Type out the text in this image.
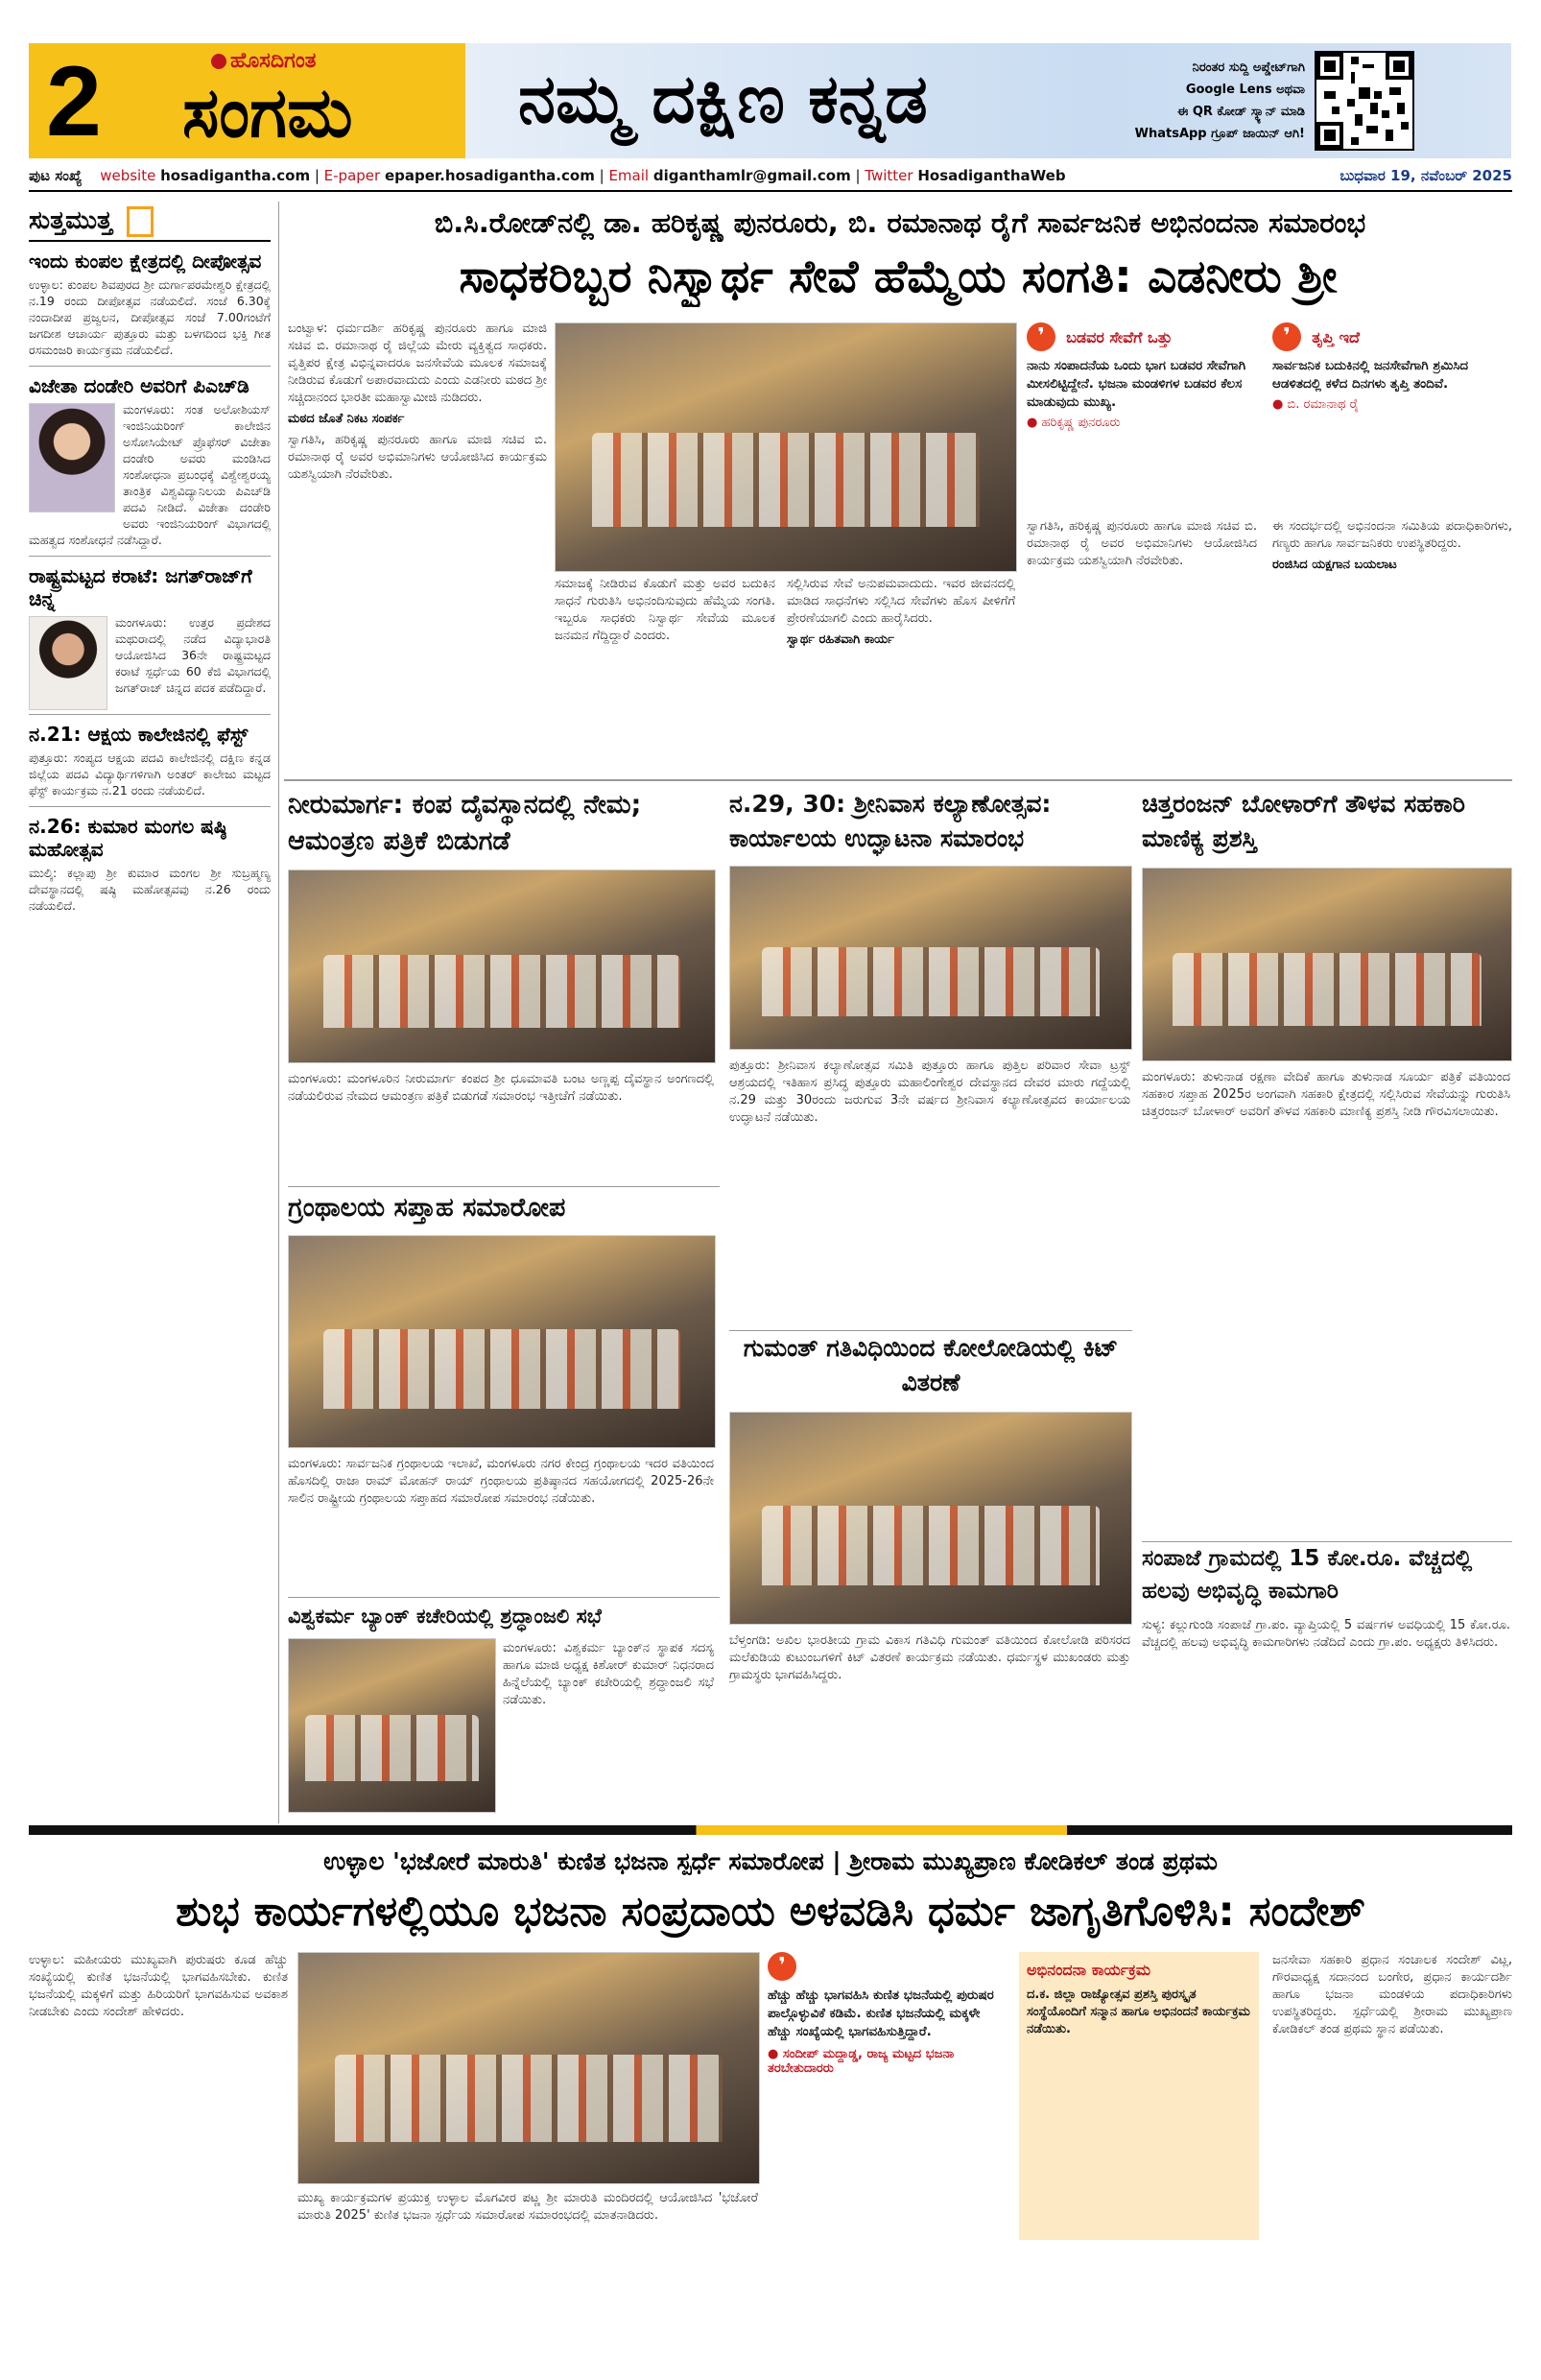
2	ಹೊಸದಿಗಂತ
ಸಂಗಮ ನಮ್ಮ ದಕ್ಷಿಣ ಕನ್ನಡ	ನಿರಂತರ ಸುದ್ದಿ ಅಪ್ಡೇಟ್‌ಗಾಗಿ
Google Lens ಅಥವಾ
ಈ QR ಕೋಡ್ ಸ್ಕ್ಯಾನ್ ಮಾಡಿ
WhatsApp ಗ್ರೂಪ್ ಜಾಯಿನ್ ಆಗಿ!
ಪುಟ ಸಂಖ್ಯೆ website hosadigantha.com | E-paper epaper.hosadigantha.com | Email diganthamlr@gmail.com | Twitter HosadiganthaWeb	ಬುಧವಾರ 19, ನವೆಂಬರ್ 2025
ಸುತ್ತಮುತ್ತ
ಇಂದು ಕುಂಪಲ ಕ್ಷೇತ್ರದಲ್ಲಿ ದೀಪೋತ್ಸವ
ಉಳ್ಳಾಲ: ಕುಂಪಲ ಶಿವಪುರದ ಶ್ರೀ ದುರ್ಗಾಪರಮೇಶ್ವರಿ ಕ್ಷೇತ್ರದಲ್ಲಿ ನ.19 ರಂದು ದೀಪೋತ್ಸವ ನಡೆಯಲಿದೆ. ಸಂಜೆ 6.30ಕ್ಕೆ ನಂದಾದೀಪ ಪ್ರಜ್ವಲನ, ದೀಪೋತ್ಸವ ಸಂಜೆ 7.00ಗಂಟೆಗೆ ಜಗದೀಶ ಆಚಾರ್ಯ ಪುತ್ತೂರು ಮತ್ತು ಬಳಗದಿಂದ ಭಕ್ತಿ ಗೀತ ರಸಮಂಜರಿ ಕಾರ್ಯಕ್ರಮ ನಡೆಯಲಿದೆ.
ವಿಜೇತಾ ದಂಡೇರಿ ಅವರಿಗೆ ಪಿಎಚ್‌ಡಿ
ಮಂಗಳೂರು: ಸಂತ ಅಲೋಶಿಯಸ್ ಇಂಜಿನಿಯರಿಂಗ್ ಕಾಲೇಜಿನ ಅಸೋಸಿಯೇಟ್ ಪ್ರೊಫೆಸರ್ ವಿಜೇತಾ ದಂಡೇರಿ ಅವರು ಮಂಡಿಸಿದ ಸಂಶೋಧನಾ ಪ್ರಬಂಧಕ್ಕೆ ವಿಶ್ವೇಶ್ವರಯ್ಯ ತಾಂತ್ರಿಕ ವಿಶ್ವವಿದ್ಯಾನಿಲಯ ಪಿಎಚ್‌ಡಿ ಪದವಿ ನೀಡಿದೆ. ವಿಜೇತಾ ದಂಡೇರಿ ಅವರು ಇಂಜಿನಿಯರಿಂಗ್ ವಿಭಾಗದಲ್ಲಿ ಮಹತ್ವದ ಸಂಶೋಧನೆ ನಡೆಸಿದ್ದಾರೆ.
ರಾಷ್ಟ್ರಮಟ್ಟದ ಕರಾಟೆ: ಜಗತ್‌ರಾಜ್‌ಗೆ ಚಿನ್ನ
ಮಂಗಳೂರು: ಉತ್ತರ ಪ್ರದೇಶದ ಮಥುರಾದಲ್ಲಿ ನಡೆದ ವಿದ್ಯಾಭಾರತಿ ಆಯೋಜಿಸಿದ 36ನೇ ರಾಷ್ಟ್ರಮಟ್ಟದ ಕರಾಟೆ ಸ್ಪರ್ಧೆಯ 60 ಕೆಜಿ ವಿಭಾಗದಲ್ಲಿ ಜಗತ್‌ರಾಜ್ ಚಿನ್ನದ ಪದಕ ಪಡೆದಿದ್ದಾರೆ.
ನ.21: ಆಕ್ಷಯ ಕಾಲೇಜಿನಲ್ಲಿ ಫೆಸ್ಟ್
ಪುತ್ತೂರು: ಸಂಪ್ಯದ ಆಕ್ಷಯ ಪದವಿ ಕಾಲೇಜಿನಲ್ಲಿ ದಕ್ಷಿಣ ಕನ್ನಡ ಜಿಲ್ಲೆಯ ಪದವಿ ವಿದ್ಯಾರ್ಥಿಗಳಿಗಾಗಿ ಅಂತರ್ ಕಾಲೇಜು ಮಟ್ಟದ ಫೆಸ್ಟ್ ಕಾರ್ಯಕ್ರಮ ನ.21 ರಂದು ನಡೆಯಲಿದೆ.
ನ.26: ಕುಮಾರ ಮಂಗಲ ಷಷ್ಠಿ ಮಹೋತ್ಸವ
ಮುಲ್ಕಿ: ಕಲ್ಲಾಪು ಶ್ರೀ ಕುಮಾರ ಮಂಗಲ ಶ್ರೀ ಸುಬ್ರಹ್ಮಣ್ಯ ದೇವಸ್ಥಾನದಲ್ಲಿ ಷಷ್ಠಿ ಮಹೋತ್ಸವವು ನ.26 ರಂದು ನಡೆಯಲಿದೆ.
ಬಿ.ಸಿ.ರೋಡ್‌ನಲ್ಲಿ ಡಾ. ಹರಿಕೃಷ್ಣ ಪುನರೂರು, ಬಿ. ರಮಾನಾಥ ರೈಗೆ ಸಾರ್ವಜನಿಕ ಅಭಿನಂದನಾ ಸಮಾರಂಭ
ಸಾಧಕರಿಬ್ಬರ ನಿಸ್ವಾರ್ಥ ಸೇವೆ ಹೆಮ್ಮೆಯ ಸಂಗತಿ: ಎಡನೀರು ಶ್ರೀ

ಬಂಟ್ವಾಳ: ಧರ್ಮದರ್ಶಿ ಹರಿಕೃಷ್ಣ ಪುನರೂರು ಹಾಗೂ ಮಾಜಿ ಸಚಿವ ಬಿ. ರಮಾನಾಥ ರೈ ಜಿಲ್ಲೆಯ ಮೇರು ವ್ಯಕ್ತಿತ್ವದ ಸಾಧಕರು. ವೃತ್ತಿಪರ ಕ್ಷೇತ್ರ ವಿಭಿನ್ನವಾದರೂ ಜನಸೇವೆಯ ಮೂಲಕ ಸಮಾಜಕ್ಕೆ ನೀಡಿರುವ ಕೊಡುಗೆ ಅಪಾರವಾದುದು ಎಂದು ಎಡನೀರು ಮಠದ ಶ್ರೀ ಸಚ್ಚಿದಾನಂದ ಭಾರತೀ ಮಹಾಸ್ವಾಮೀಜಿ ನುಡಿದರು.

ಮಠದ ಜೊತೆ ನಿಕಟ ಸಂಪರ್ಕ

ಸ್ವಾಗತಿಸಿ, ಹರಿಕೃಷ್ಣ ಪುನರೂರು ಹಾಗೂ ಮಾಜಿ ಸಚಿವ ಬಿ. ರಮಾನಾಥ ರೈ ಅವರ ಅಭಿಮಾನಿಗಳು ಆಯೋಜಿಸಿದ ಕಾರ್ಯಕ್ರಮ ಯಶಸ್ವಿಯಾಗಿ ನೆರವೇರಿತು.

ಸಮಾಜಕ್ಕೆ ನೀಡಿರುವ ಕೊಡುಗೆ ಮತ್ತು ಅವರ ಬದುಕಿನ ಸಾಧನೆ ಗುರುತಿಸಿ ಅಭಿನಂದಿಸುವುದು ಹೆಮ್ಮೆಯ ಸಂಗತಿ. ಇಬ್ಬರೂ ಸಾಧಕರು ನಿಸ್ವಾರ್ಥ ಸೇವೆಯ ಮೂಲಕ ಜನಮನ ಗೆದ್ದಿದ್ದಾರೆ ಎಂದರು.

ಸಲ್ಲಿಸಿರುವ ಸೇವೆ ಅನುಪಮವಾದುದು. ಇವರ ಜೀವನದಲ್ಲಿ ಮಾಡಿದ ಸಾಧನೆಗಳು ಸಲ್ಲಿಸಿದ ಸೇವೆಗಳು ಹೊಸ ಪೀಳಿಗೆಗೆ ಪ್ರೇರಣೆಯಾಗಲಿ ಎಂದು ಹಾರೈಸಿದರು.

ಸ್ವಾರ್ಥ ರಹಿತವಾಗಿ ಕಾರ್ಯ

❜ ಬಡವರ ಸೇವೆಗೆ ಒತ್ತು
ನಾನು ಸಂಪಾದನೆಯ ಒಂದು ಭಾಗ ಬಡವರ ಸೇವೆಗಾಗಿ ಮೀಸಲಿಟ್ಟಿದ್ದೇನೆ. ಭಜನಾ ಮಂಡಳಿಗಳ ಬಡವರ ಕೆಲಸ ಮಾಡುವುದು ಮುಖ್ಯ.
● ಹರಿಕೃಷ್ಣ ಪುನರೂರು
❜ ತೃಪ್ತಿ ಇದೆ
ಸಾರ್ವಜನಿಕ ಬದುಕಿನಲ್ಲಿ ಜನಸೇವೆಗಾಗಿ ಶ್ರಮಿಸಿದ ಆಡಳಿತದಲ್ಲಿ ಕಳೆದ ದಿನಗಳು ತೃಪ್ತಿ ತಂದಿವೆ.
● ಬಿ. ರಮಾನಾಥ ರೈ

ಸ್ವಾಗತಿಸಿ, ಹರಿಕೃಷ್ಣ ಪುನರೂರು ಹಾಗೂ ಮಾಜಿ ಸಚಿವ ಬಿ. ರಮಾನಾಥ ರೈ ಅವರ ಅಭಿಮಾನಿಗಳು ಆಯೋಜಿಸಿದ ಕಾರ್ಯಕ್ರಮ ಯಶಸ್ವಿಯಾಗಿ ನೆರವೇರಿತು.

ಈ ಸಂದರ್ಭದಲ್ಲಿ ಅಭಿನಂದನಾ ಸಮಿತಿಯ ಪದಾಧಿಕಾರಿಗಳು, ಗಣ್ಯರು ಹಾಗೂ ಸಾರ್ವಜನಿಕರು ಉಪಸ್ಥಿತರಿದ್ದರು.

ರಂಜಿಸಿದ ಯಕ್ಷಗಾನ ಬಯಲಾಟ

ನೀರುಮಾರ್ಗ: ಕಂಪ ದೈವಸ್ಥಾನದಲ್ಲಿ ನೇಮ; ಆಮಂತ್ರಣ ಪತ್ರಿಕೆ ಬಿಡುಗಡೆ
ಮಂಗಳೂರು: ಮಂಗಳೂರಿನ ನೀರುಮಾರ್ಗ ಕಂಪದ ಶ್ರೀ ಧೂಮಾವತಿ ಬಂಟ ಅಣ್ಣಪ್ಪ ದೈವಸ್ಥಾನ ಅಂಗಣದಲ್ಲಿ ನಡೆಯಲಿರುವ ನೇಮದ ಆಮಂತ್ರಣ ಪತ್ರಿಕೆ ಬಿಡುಗಡೆ ಸಮಾರಂಭ ಇತ್ತೀಚೆಗೆ ನಡೆಯಿತು.
ನ.29, 30: ಶ್ರೀನಿವಾಸ ಕಲ್ಯಾಣೋತ್ಸವ: ಕಾರ್ಯಾಲಯ ಉದ್ಘಾಟನಾ ಸಮಾರಂಭ
ಪುತ್ತೂರು: ಶ್ರೀನಿವಾಸ ಕಲ್ಯಾಣೋತ್ಸವ ಸಮಿತಿ ಪುತ್ತೂರು ಹಾಗೂ ಪುತ್ತಿಲ ಪರಿವಾರ ಸೇವಾ ಟ್ರಸ್ಟ್ ಆಶ್ರಯದಲ್ಲಿ ಇತಿಹಾಸ ಪ್ರಸಿದ್ಧ ಪುತ್ತೂರು ಮಹಾಲಿಂಗೇಶ್ವರ ದೇವಸ್ಥಾನದ ದೇವರ ಮಾರು ಗದ್ದೆಯಲ್ಲಿ ನ.29 ಮತ್ತು 30ರಂದು ಜರುಗುವ 3ನೇ ವರ್ಷದ ಶ್ರೀನಿವಾಸ ಕಲ್ಯಾಣೋತ್ಸವದ ಕಾರ್ಯಾಲಯ ಉದ್ಘಾಟನೆ ನಡೆಯಿತು.
ಚಿತ್ತರಂಜನ್ ಬೋಳಾರ್‌ಗೆ ತೌಳವ ಸಹಕಾರಿ ಮಾಣಿಕ್ಯ ಪ್ರಶಸ್ತಿ
ಮಂಗಳೂರು: ತುಳುನಾಡ ರಕ್ಷಣಾ ವೇದಿಕೆ ಹಾಗೂ ತುಳುನಾಡ ಸೂರ್ಯ ಪತ್ರಿಕೆ ವತಿಯಿಂದ ಸಹಕಾರ ಸಪ್ತಾಹ 2025ರ ಅಂಗವಾಗಿ ಸಹಕಾರಿ ಕ್ಷೇತ್ರದಲ್ಲಿ ಸಲ್ಲಿಸಿರುವ ಸೇವೆಯನ್ನು ಗುರುತಿಸಿ ಚಿತ್ತರಂಜನ್ ಬೋಳಾರ್ ಅವರಿಗೆ ತೌಳವ ಸಹಕಾರಿ ಮಾಣಿಕ್ಯ ಪ್ರಶಸ್ತಿ ನೀಡಿ ಗೌರವಿಸಲಾಯಿತು.
ಗ್ರಂಥಾಲಯ ಸಪ್ತಾಹ ಸಮಾರೋಪ
ಮಂಗಳೂರು: ಸಾರ್ವಜನಿಕ ಗ್ರಂಥಾಲಯ ಇಲಾಖೆ, ಮಂಗಳೂರು ನಗರ ಕೇಂದ್ರ ಗ್ರಂಥಾಲಯ ಇದರ ವತಿಯಿಂದ ಹೊಸದಿಲ್ಲಿ ರಾಜಾ ರಾಮ್ ಮೋಹನ್ ರಾಯ್ ಗ್ರಂಥಾಲಯ ಪ್ರತಿಷ್ಠಾನದ ಸಹಯೋಗದಲ್ಲಿ 2025-26ನೇ ಸಾಲಿನ ರಾಷ್ಟ್ರೀಯ ಗ್ರಂಥಾಲಯ ಸಪ್ತಾಹದ ಸಮಾರೋಪ ಸಮಾರಂಭ ನಡೆಯಿತು.
ಗುಮಂತ್ ಗತಿವಿಧಿಯಿಂದ ಕೋಲೋಡಿಯಲ್ಲಿ ಕಿಟ್ ವಿತರಣೆ
ಬೆಳ್ತಂಗಡಿ: ಅಖಿಲ ಭಾರತೀಯ ಗ್ರಾಮ ವಿಕಾಸ ಗತಿವಿಧಿ ಗುಮಂತ್ ವತಿಯಿಂದ ಕೋಲೋಡಿ ಪರಿಸರದ ಮಲೆಕುಡಿಯ ಕುಟುಂಬಗಳಿಗೆ ಕಿಟ್ ವಿತರಣೆ ಕಾರ್ಯಕ್ರಮ ನಡೆಯಿತು. ಧರ್ಮಸ್ಥಳ ಮುಖಂಡರು ಮತ್ತು ಗ್ರಾಮಸ್ಥರು ಭಾಗವಹಿಸಿದ್ದರು.
ವಿಶ್ವಕರ್ಮ ಬ್ಯಾಂಕ್ ಕಚೇರಿಯಲ್ಲಿ ಶ್ರದ್ಧಾಂಜಲಿ ಸಭೆ
ಮಂಗಳೂರು: ವಿಶ್ವಕರ್ಮ ಬ್ಯಾಂಕ್‌ನ ಸ್ಥಾಪಕ ಸದಸ್ಯ ಹಾಗೂ ಮಾಜಿ ಅಧ್ಯಕ್ಷ ಕಿಶೋರ್ ಕುಮಾರ್ ನಿಧನರಾದ ಹಿನ್ನೆಲೆಯಲ್ಲಿ ಬ್ಯಾಂಕ್ ಕಚೇರಿಯಲ್ಲಿ ಶ್ರದ್ಧಾಂಜಲಿ ಸಭೆ ನಡೆಯಿತು.
ಸಂಪಾಜೆ ಗ್ರಾಮದಲ್ಲಿ 15 ಕೋ.ರೂ. ವೆಚ್ಚದಲ್ಲಿ ಹಲವು ಅಭಿವೃದ್ಧಿ ಕಾಮಗಾರಿ
ಸುಳ್ಯ: ಕಲ್ಲುಗುಂಡಿ ಸಂಪಾಜೆ ಗ್ರಾ.ಪಂ. ವ್ಯಾಪ್ತಿಯಲ್ಲಿ 5 ವರ್ಷಗಳ ಅವಧಿಯಲ್ಲಿ 15 ಕೋ.ರೂ. ವೆಚ್ಚದಲ್ಲಿ ಹಲವು ಅಭಿವೃದ್ಧಿ ಕಾಮಗಾರಿಗಳು ನಡೆದಿದೆ ಎಂದು ಗ್ರಾ.ಪಂ. ಅಧ್ಯಕ್ಷರು ತಿಳಿಸಿದರು.
ಉಳ್ಳಾಲ 'ಭಜೋರೆ ಮಾರುತಿ' ಕುಣಿತ ಭಜನಾ ಸ್ಪರ್ಧೆ ಸಮಾರೋಪ | ಶ್ರೀರಾಮ ಮುಖ್ಯಪ್ರಾಣ ಕೋಡಿಕಲ್ ತಂಡ ಪ್ರಥಮ
ಶುಭ ಕಾರ್ಯಗಳಲ್ಲಿಯೂ ಭಜನಾ ಸಂಪ್ರದಾಯ ಅಳವಡಿಸಿ ಧರ್ಮ ಜಾಗೃತಿಗೊಳಿಸಿ: ಸಂದೇಶ್
ಉಳ್ಳಾಲ: ಮಹೀಯರು ಮುಖ್ಯವಾಗಿ ಪುರುಷರು ಕೂಡ ಹೆಚ್ಚು ಸಂಖ್ಯೆಯಲ್ಲಿ ಕುಣಿತ ಭಜನೆಯಲ್ಲಿ ಭಾಗವಹಿಸಬೇಕು. ಕುಣಿತ ಭಜನೆಯಲ್ಲಿ ಮಕ್ಕಳಿಗೆ ಮತ್ತು ಹಿರಿಯರಿಗೆ ಭಾಗವಹಿಸುವ ಅವಕಾಶ ನೀಡಬೇಕು ಎಂದು ಸಂದೇಶ್ ಹೇಳಿದರು.
ಮುಖ್ಯ ಕಾರ್ಯಕ್ರಮಗಳ ಪ್ರಯುಕ್ತ ಉಳ್ಳಾಲ ಮೊಗವೀರ ಪಟ್ಣ ಶ್ರೀ ಮಾರುತಿ ಮಂದಿರದಲ್ಲಿ ಆಯೋಜಿಸಿದ 'ಭಜೋರೆ ಮಾರುತಿ 2025' ಕುಣಿತ ಭಜನಾ ಸ್ಪರ್ಧೆಯ ಸಮಾರೋಪ ಸಮಾರಂಭದಲ್ಲಿ ಮಾತನಾಡಿದರು.
❜
ಹೆಚ್ಚು ಹೆಚ್ಚು ಭಾಗವಹಿಸಿ ಕುಣಿತ ಭಜನೆಯಲ್ಲಿ ಪುರುಷರ ಪಾಲ್ಗೊಳ್ಳುವಿಕೆ ಕಡಿಮೆ. ಕುಣಿತ ಭಜನೆಯಲ್ಲಿ ಮಕ್ಕಳೇ ಹೆಚ್ಚು ಸಂಖ್ಯೆಯಲ್ಲಿ ಭಾಗವಹಿಸುತ್ತಿದ್ದಾರೆ.
● ಸಂದೀಪ್ ಮದ್ದಾಡ್ಡ, ರಾಜ್ಯ ಮಟ್ಟದ ಭಜನಾ ತರಬೇತುದಾರರು
ಅಭಿನಂದನಾ ಕಾರ್ಯಕ್ರಮ
ದ.ಕ. ಜಿಲ್ಲಾ ರಾಜ್ಯೋತ್ಸವ ಪ್ರಶಸ್ತಿ ಪುರಸ್ಕೃತ ಸಂಸ್ಥೆಯೊಂದಿಗೆ ಸನ್ಮಾನ ಹಾಗೂ ಅಭಿನಂದನೆ ಕಾರ್ಯಕ್ರಮ ನಡೆಯಿತು.
ಜನಸೇವಾ ಸಹಕಾರಿ ಪ್ರಧಾನ ಸಂಚಾಲಕ ಸಂದೇಶ್ ವಿಟ್ಲ, ಗೌರವಾಧ್ಯಕ್ಷ ಸದಾನಂದ ಬಂಗೇರ, ಪ್ರಧಾನ ಕಾರ್ಯದರ್ಶಿ ಹಾಗೂ ಭಜನಾ ಮಂಡಳಿಯ ಪದಾಧಿಕಾರಿಗಳು ಉಪಸ್ಥಿತರಿದ್ದರು. ಸ್ಪರ್ಧೆಯಲ್ಲಿ ಶ್ರೀರಾಮ ಮುಖ್ಯಪ್ರಾಣ ಕೋಡಿಕಲ್ ತಂಡ ಪ್ರಥಮ ಸ್ಥಾನ ಪಡೆಯಿತು.
